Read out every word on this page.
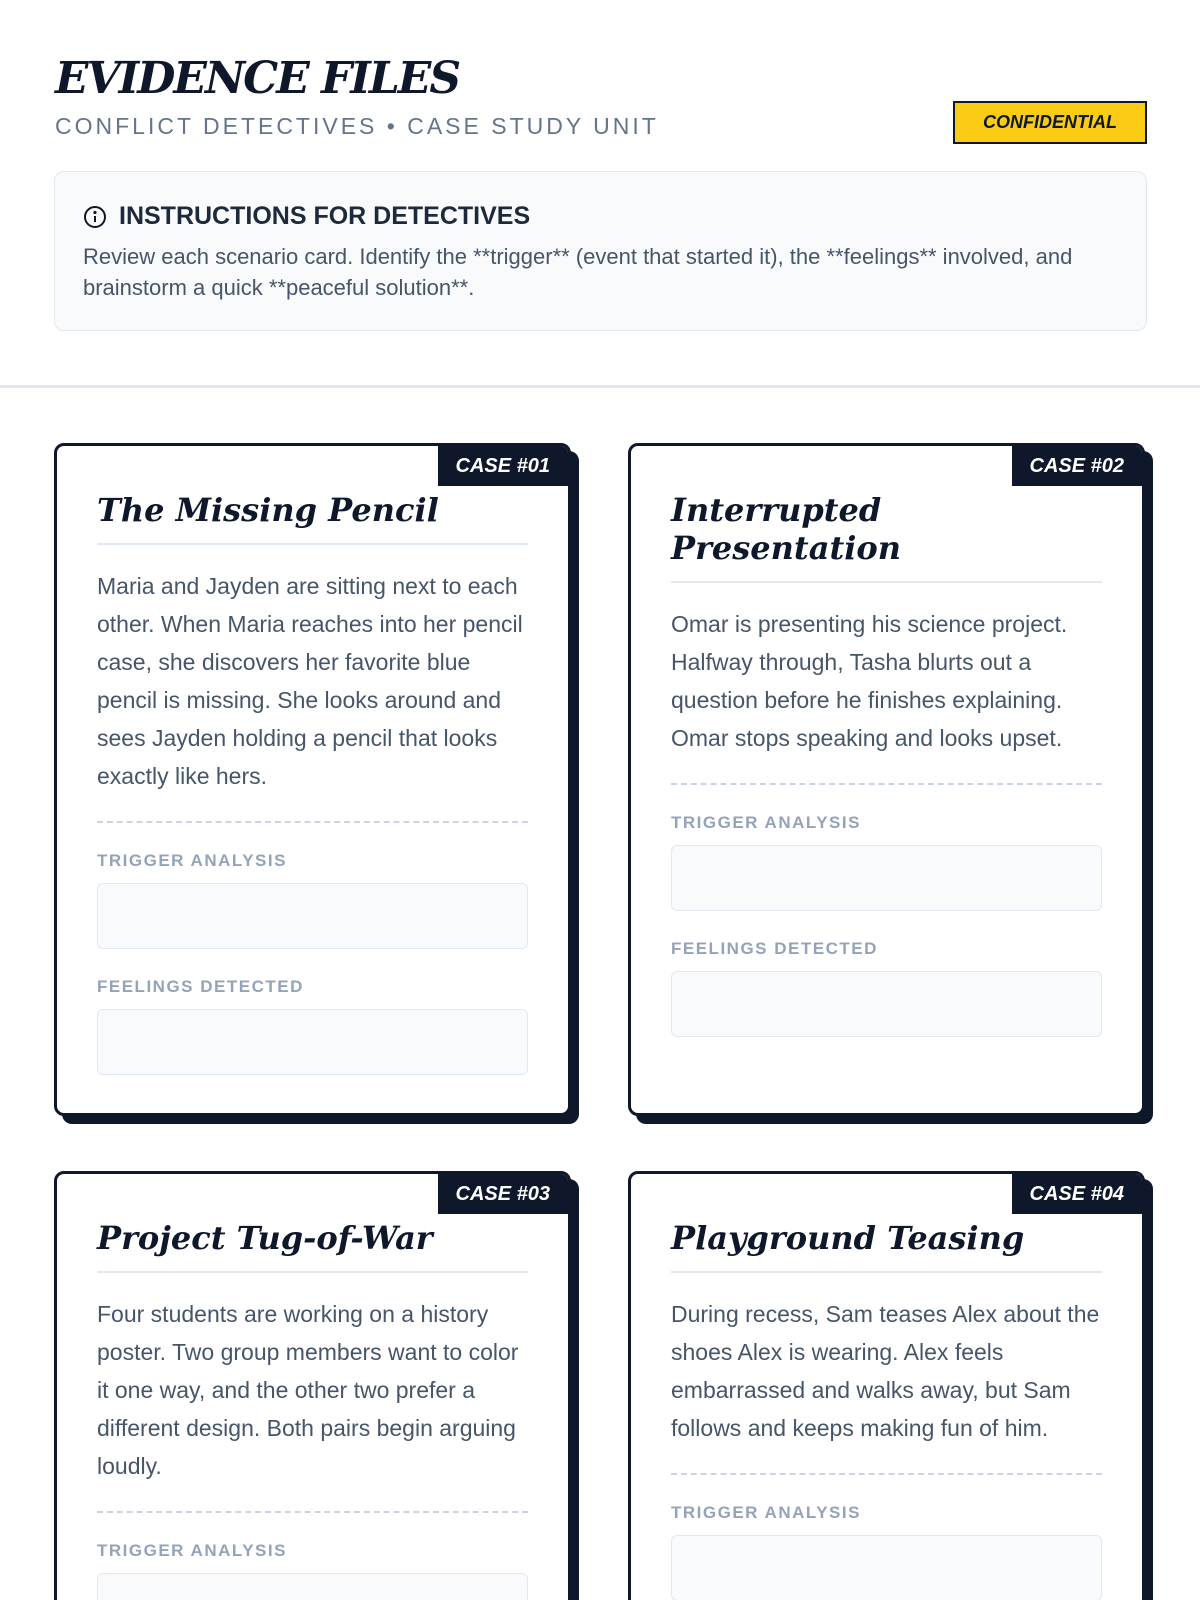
EVIDENCE FILES
CONFLICT DETECTIVES • CASE STUDY UNIT	CONFIDENTIAL
INSTRUCTIONS FOR DETECTIVES
Review each scenario card. Identify the **trigger** (event that started it), the **feelings** involved, and brainstorm a quick **peaceful solution**.
CASE #01
The Missing Pencil
Maria and Jayden are sitting next to each other. When Maria reaches into her pencil case, she discovers her favorite blue pencil is missing. She looks around and sees Jayden holding a pencil that looks exactly like hers.
TRIGGER ANALYSIS
FEELINGS DETECTED
CASE #02
Interrupted Presentation
Omar is presenting his science project. Halfway through, Tasha blurts out a question before he finishes explaining. Omar stops speaking and looks upset.
TRIGGER ANALYSIS
FEELINGS DETECTED
CASE #03
Project Tug-of-War
Four students are working on a history poster. Two group members want to color it one way, and the other two prefer a different design. Both pairs begin arguing loudly.
TRIGGER ANALYSIS
CASE #04
Playground Teasing
During recess, Sam teases Alex about the shoes Alex is wearing. Alex feels embarrassed and walks away, but Sam follows and keeps making fun of him.
TRIGGER ANALYSIS
